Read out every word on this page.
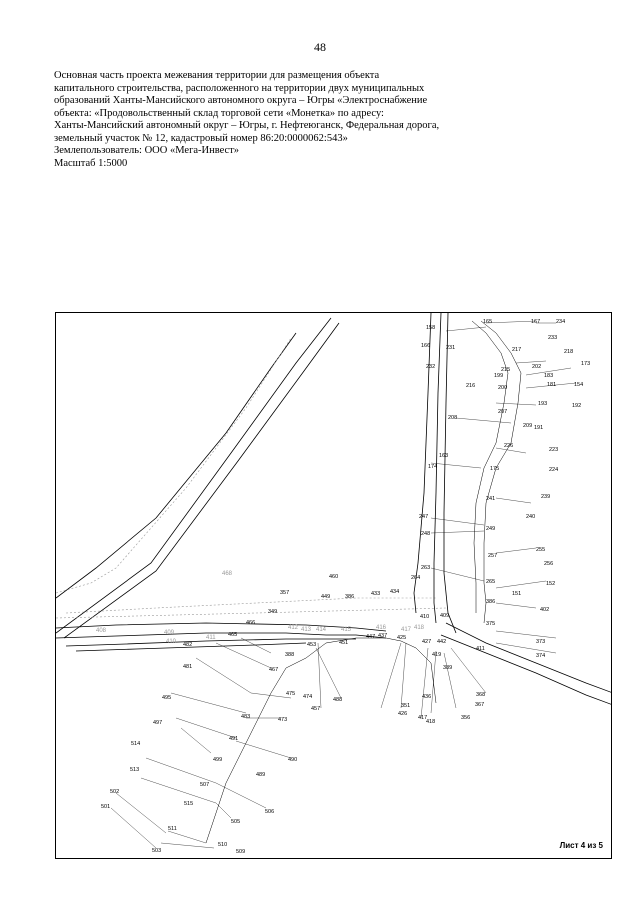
48
Основная часть проекта межевания территории для размещения объекта
капитального строительства, расположенного на территории двух муниципальных
образований Ханты-Мансийского автономного округа – Югры «Электроснабжение
объекта: «Продовольственный склад торговой сети «Монетка» по адресу:
Ханты-Мансийский автономный округ – Югры, г. Нефтеюганск, Федеральная дорога,
земельный участок № 12, кадастровый номер 86:20:0000062:543»
Землепользователь: ООО «Мега-Инвест»
Масштаб 1:5000
158
166
165	167	234
233
217	218
173
231
232	215
199
202
183
181	154
216	200
193	192
191
207
208
209
226
223
224
163
174	175
241	239
240
247
249
248
255
257
256
263
264
265	152
151
402
386
375
373
374
411
460
449	386	433 434
357
349
410 409
466
465
388
453	451
447 437 425
427 442
419
389
368
367
356
482
481	467
475 474	488
457
436
426
351
417
418
473
483
495
497
491
499	490
489
514
513
507
502
501	515
506
505
511
510
509
503
468
408	409
410
411
412 413 414 415	416 417 418
Лист 4 из 5
